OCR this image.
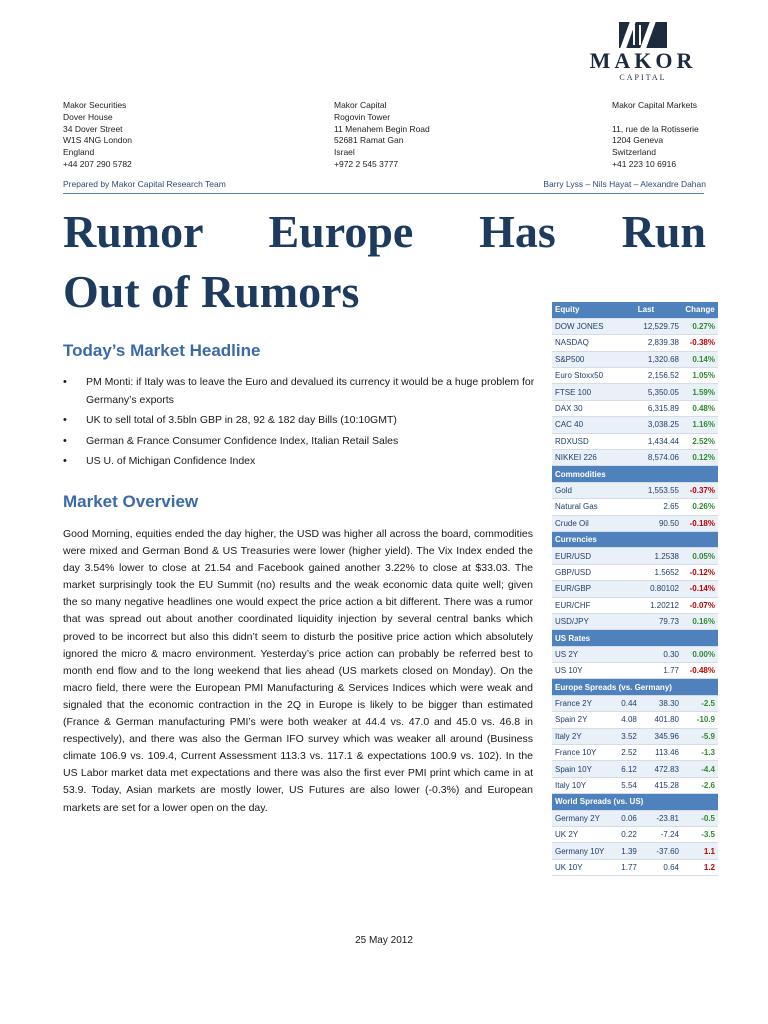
MAKOR
CAPITAL
Makor Securities
Dover House
34 Dover Street
W1S 4NG London
England
+44 207 290 5782
Makor Capital
Rogovin Tower
11 Menahem Begin Road
52681 Ramat Gan
Israel
+972 2 545 3777
Makor Capital Markets
11, rue de la Rotisserie
1204 Geneva
Switzerland
+41 223 10 6916
Prepared by Makor Capital Research Team	Barry Lyss – Nils Hayat – Alexandre Dahan
Rumor Europe Has Run
Out of Rumors
Today’s Market Headline
• PM Monti: if Italy was to leave the Euro and devalued its currency it would be a huge problem for Germany’s exports
• UK to sell total of 3.5bln GBP in 28, 92 & 182 day Bills (10:10GMT)
• German & France Consumer Confidence Index, Italian Retail Sales
• US U. of Michigan Confidence Index
Market Overview

Good Morning, equities ended the day higher, the USD was higher all across the board, commodities were mixed and German Bond & US Treasuries were lower (higher yield). The Vix Index ended the day 3.54% lower to close at 21.54 and Facebook gained another 3.22% to close at $33.03. The market surprisingly took the EU Summit (no) results and the weak economic data quite well; given the so many negative headlines one would expect the price action a bit different. There was a rumor that was spread out about another coordinated liquidity injection by several central banks which proved to be incorrect but also this didn’t seem to disturb the positive price action which absolutely ignored the micro & macro environment. Yesterday’s price action can probably be referred best to month end flow and to the long weekend that lies ahead (US markets closed on Monday). On the macro field, there were the European PMI Manufacturing & Services Indices which were weak and signaled that the economic contraction in the 2Q in Europe is likely to be bigger than estimated (France & German manufacturing PMI’s were both weaker at 44.4 vs. 47.0 and 45.0 vs. 46.8 in respectively), and there was also the German IFO survey which was weaker all around (Business climate 106.9 vs. 109.4, Current Assessment 113.3 vs. 117.1 & expectations 100.9 vs. 102). In the US Labor market data met expectations and there was also the first ever PMI print which came in at 53.9. Today, Asian markets are mostly lower, US Futures are also lower (-0.3%) and European markets are set for a lower open on the day.

Equity	Last		Change
DOW JONES	12,529.75		0.27%
NASDAQ	2,839.38		-0.38%
S&P500	1,320.68		0.14%
Euro Stoxx50	2,156.52		1.05%
FTSE 100	5,350.05		1.59%
DAX 30	6,315.89		0.48%
CAC 40	3,038.25		1.16%
RDXUSD	1,434.44		2.52%
NIKKEI 226	8,574.06		0.12%
Commodities			
Gold	1,553.55		-0.37%
Natural Gas	2.65		0.26%
Crude Oil	90.50		-0.18%
Currencies			
EUR/USD	1.2538		0.05%
GBP/USD	1.5652		-0.12%
EUR/GBP	0.80102		-0.14%
EUR/CHF	1.20212		-0.07%
USD/JPY	79.73		0.16%
US Rates			
US 2Y	0.30		0.00%
US 10Y	1.77		-0.48%
Europe Spreads (vs. Germany)			
France 2Y	0.44	38.30	-2.5
Spain 2Y	4.08	401.80	-10.9
Italy 2Y	3.52	345.96	-5.9
France 10Y	2.52	113.46	-1.3
Spain 10Y	6.12	472.83	-4.4
Italy 10Y	5.54	415.28	-2.6
World Spreads (vs. US)			
Germany 2Y	0.06	-23.81	-0.5
UK 2Y	0.22	-7.24	-3.5
Germany 10Y	1.39	-37.60	1.1
UK 10Y	1.77	0.64	1.2
25 May 2012
